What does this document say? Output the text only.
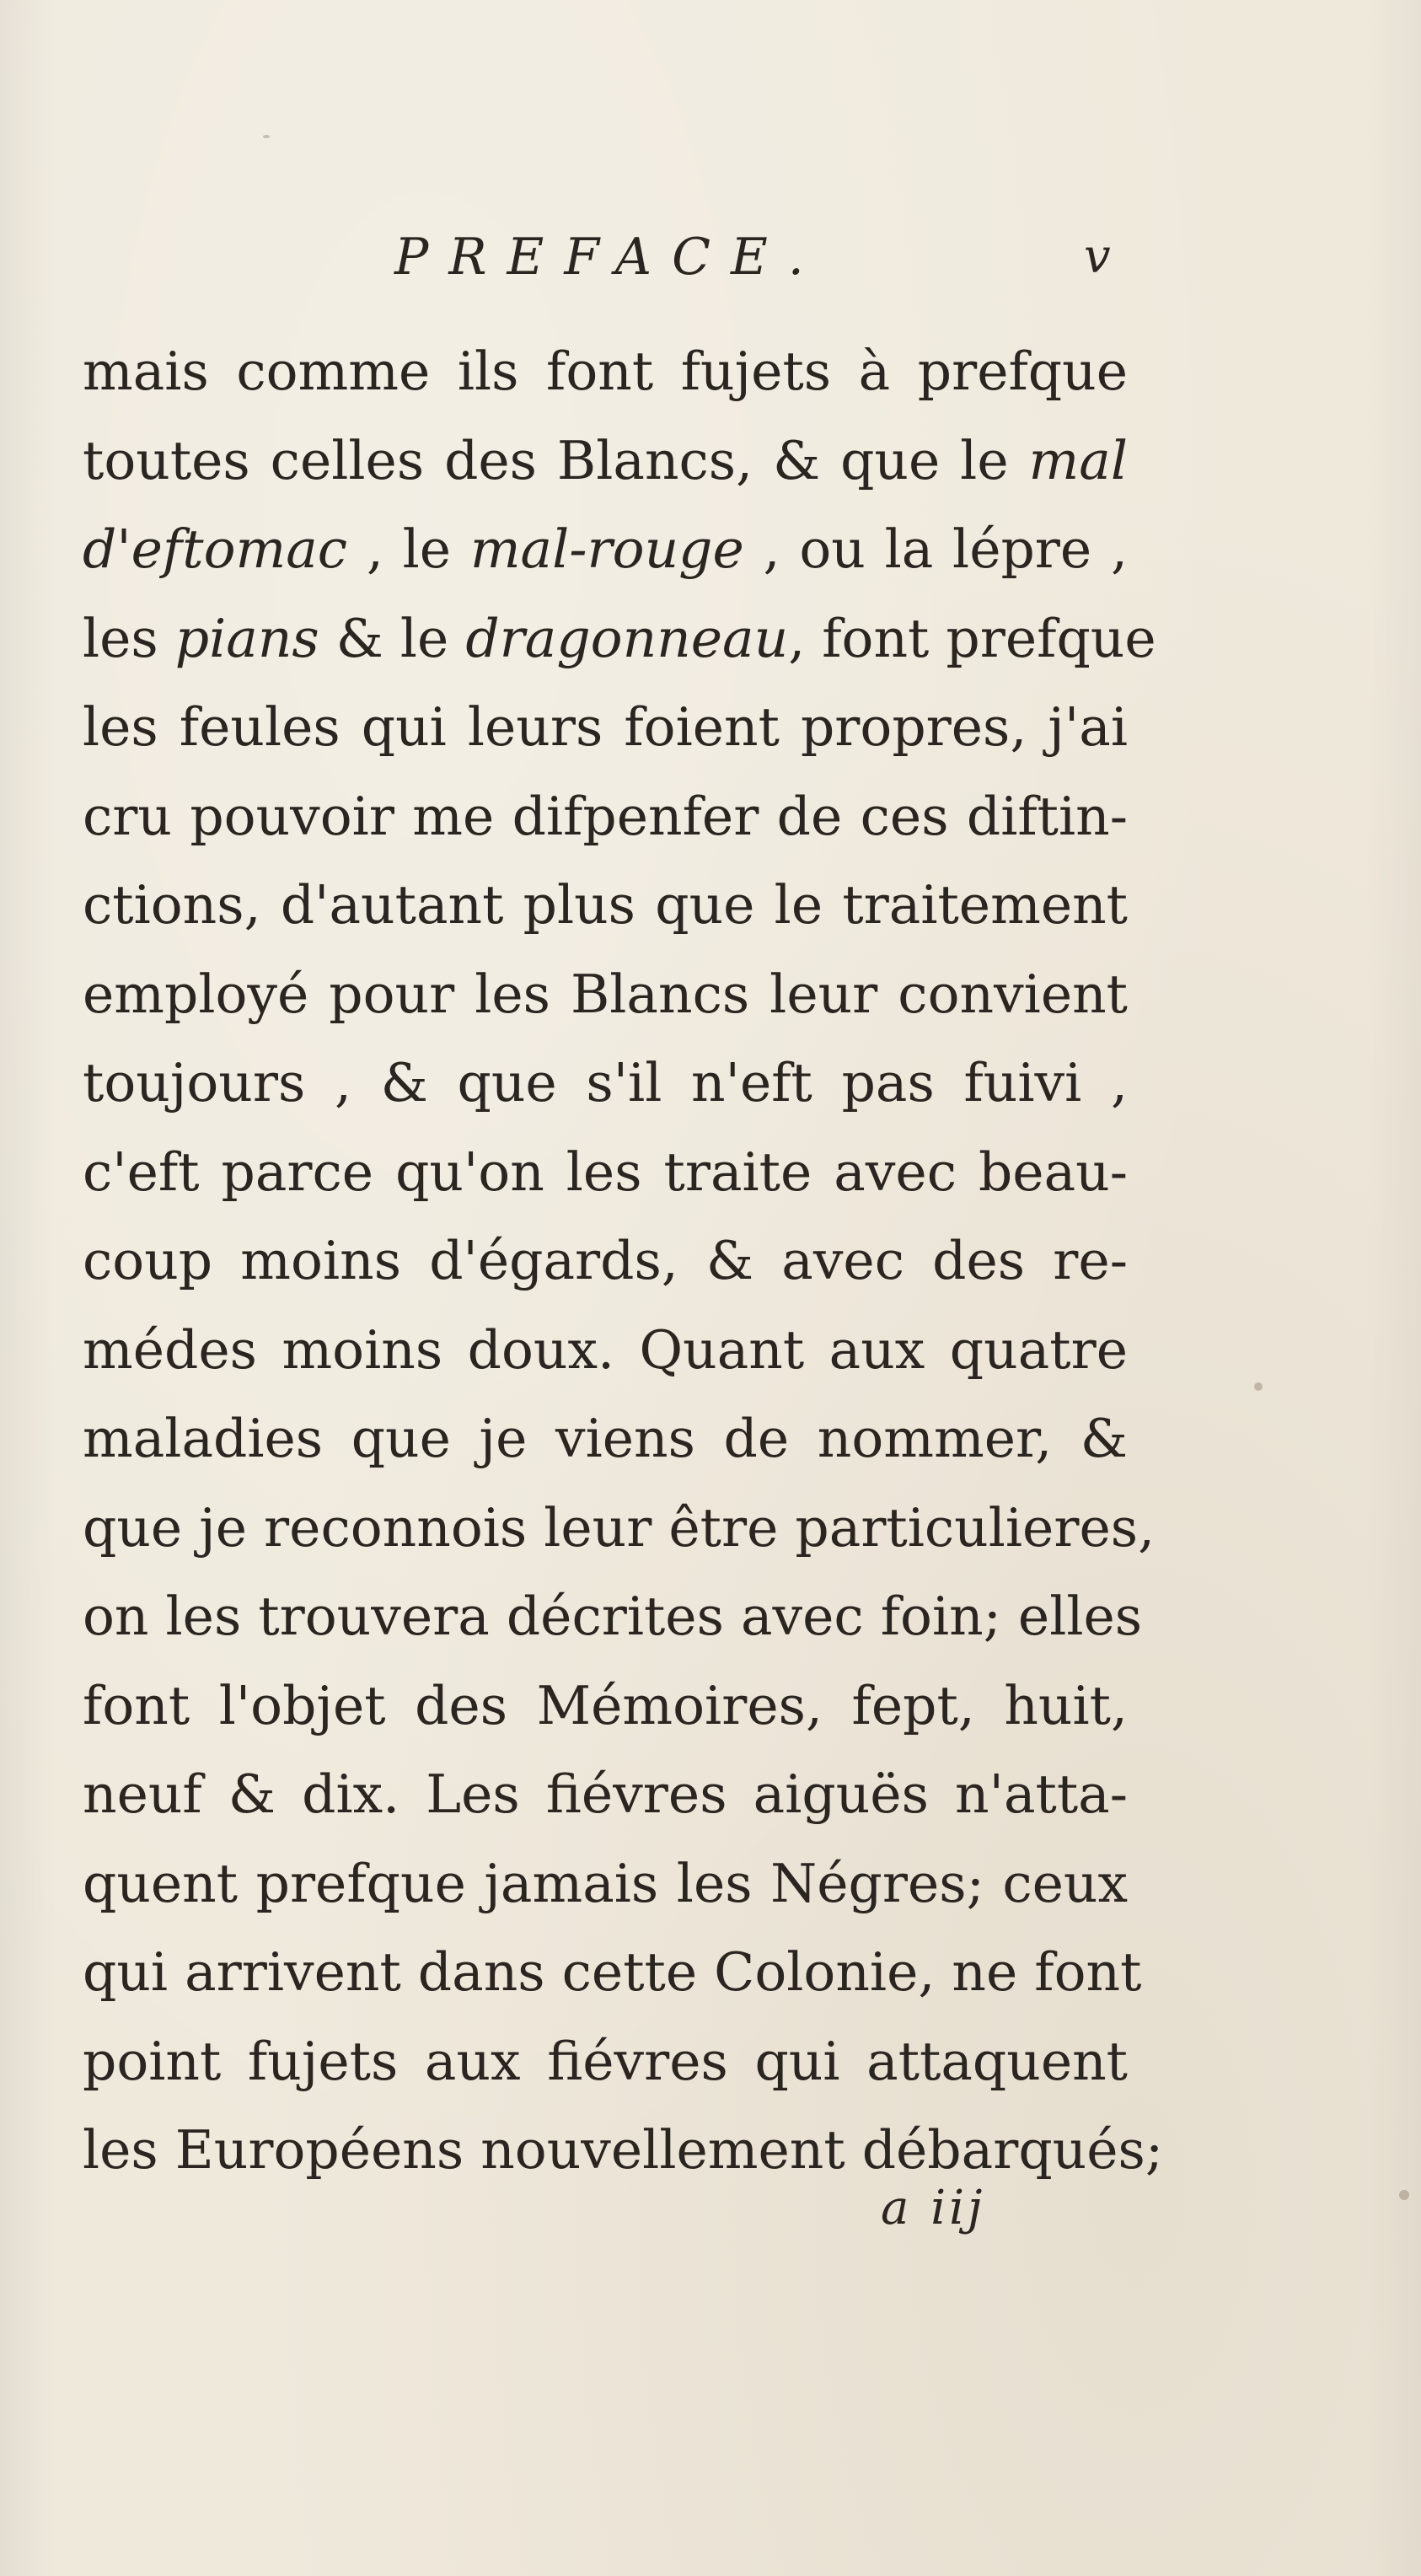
PREFACE.	v
mais comme ils font fujets à prefque
toutes celles des Blancs, & que le mal
d'eftomac , le mal-rouge , ou la lépre ,
les pians & le dragonneau, font prefque
les feules qui leurs foient propres, j'ai
cru pouvoir me difpenfer de ces diftin-
ctions, d'autant plus que le traitement
employé pour les Blancs leur convient
toujours , & que s'il n'eft pas fuivi ,
c'eft parce qu'on les traite avec beau-
coup moins d'égards, & avec des re-
médes moins doux. Quant aux quatre
maladies que je viens de nommer, &
que je reconnois leur être particulieres,
on les trouvera décrites avec foin; elles
font l'objet des Mémoires, fept, huit,
neuf & dix. Les fiévres aiguës n'atta-
quent prefque jamais les Négres; ceux
qui arrivent dans cette Colonie, ne font
point fujets aux fiévres qui attaquent
les Européens nouvellement débarqués;
a iij
